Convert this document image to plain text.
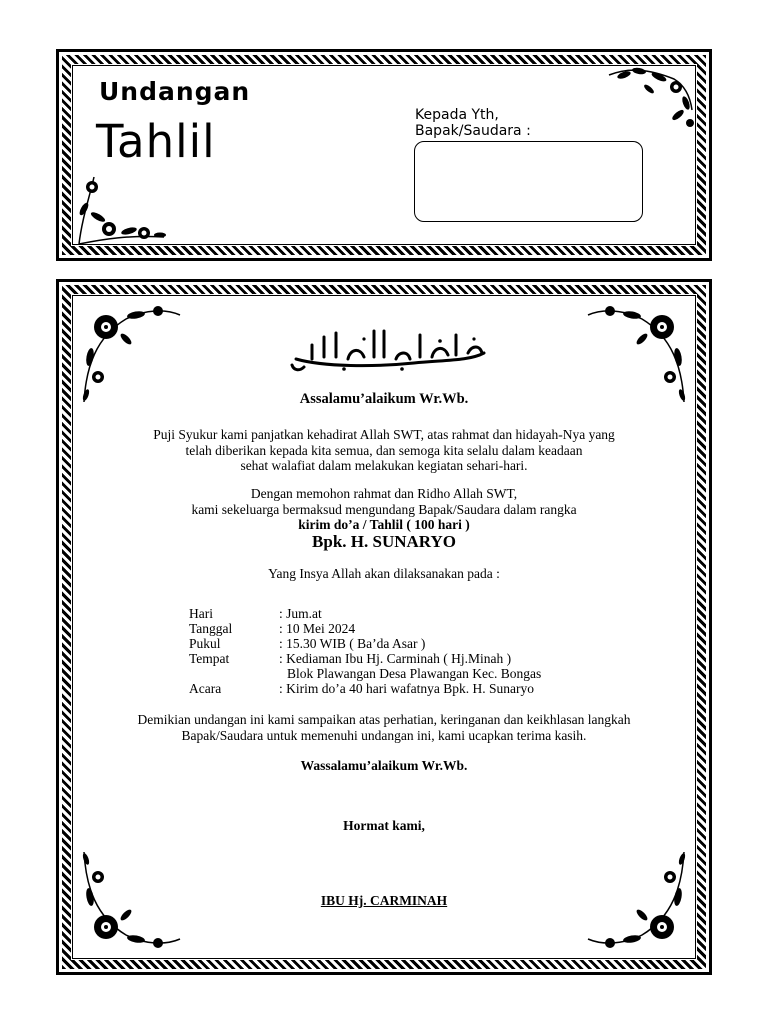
Undangan
Tahlil	Kepada Yth,
Bapak/Saudara :
Assalamu’alaikum Wr.Wb.
Puji Syukur kami panjatkan kehadirat Allah SWT, atas rahmat dan hidayah-Nya yang
telah diberikan kepada kita semua, dan semoga kita selalu dalam keadaan
sehat walafiat dalam melakukan kegiatan sehari-hari.
Dengan memohon rahmat dan Ridho Allah SWT,
kami sekeluarga bermaksud mengundang Bapak/Saudara dalam rangka
kirim do’a / Tahlil ( 100 hari )
Bpk. H. SUNARYO
Yang Insya Allah akan dilaksanakan pada :
Hari	: Jum.at
Tanggal	: 10 Mei 2024
Pukul	: 15.30 WIB ( Ba’da Asar )
Tempat	: Kediaman Ibu Hj. Carminah ( Hj.Minah )
Blok Plawangan Desa Plawangan Kec. Bongas
Acara	: Kirim do’a 40 hari wafatnya Bpk. H. Sunaryo
Demikian undangan ini kami sampaikan atas perhatian, keringanan dan keikhlasan langkah
Bapak/Saudara untuk memenuhi undangan ini, kami ucapkan terima kasih.
Wassalamu’alaikum Wr.Wb.
Hormat kami,
IBU Hj. CARMINAH
